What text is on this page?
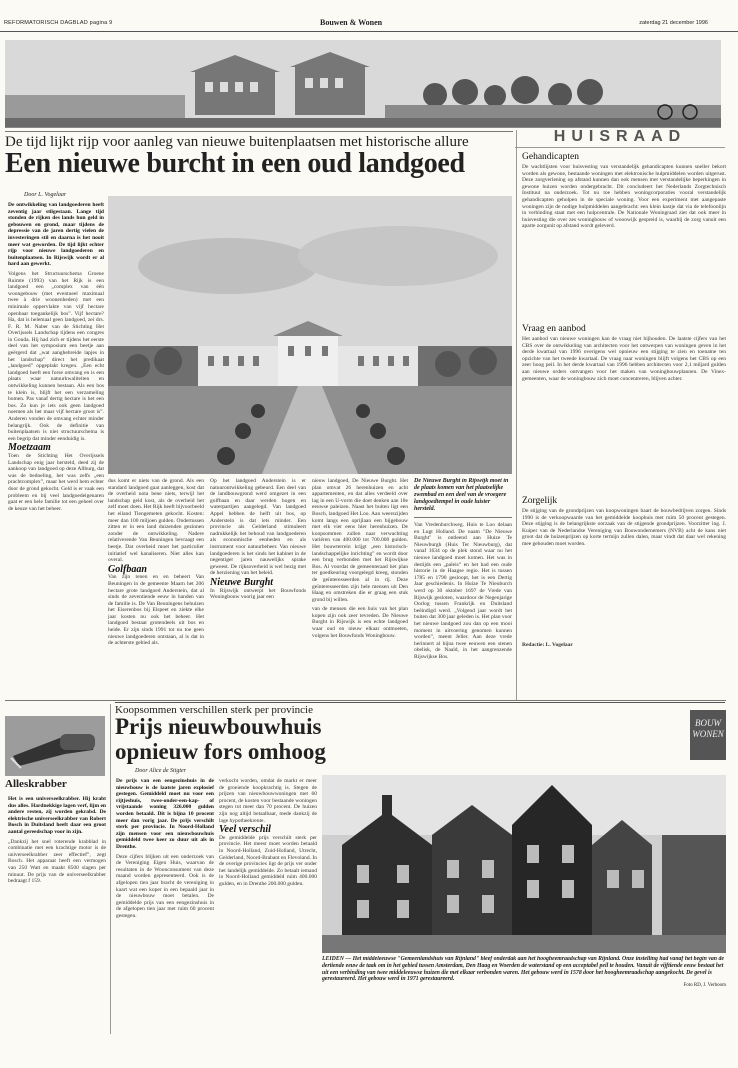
REFORMATORISCH DAGBLAD pagina 9	Bouwen & Wonen	zaterdag 21 december 1996
HUISRAAD
De tijd lijkt rijp voor aanleg van nieuwe buitenplaatsen met historische allure
Een nieuwe burcht in een oud landgoed
Door L. Vogelaar

De ontwikkeling van landgoederen heeft zeventig jaar stilgestaan. Lange tijd stonden de rijken des lands hun geld in gebouwen en grond, maar tijdens de depressie van de jaren dertig vielen de investeringen stil en daarna is het nooit meer wat geworden. De tijd lijkt echter rijp voor nieuwe landgoederen en buitenplaatsen. In Rijswijk wordt er al hard aan gewerkt.

Volgens het Structuurschema Groene Ruimte (1993) van het Rijk is een landgoed een „complex van één woongebouw (met eventueel maximaal twee à drie woonenheden) met een minimale oppervlakte van vijf hectare openbaar toegankelijk bos”. Vijf hectare? Ha, dat is helemaal geen landgoed, zei drs. F. R. M. Naber van de Stichting Het Overijssels Landschap tijdens een congres in Gouda. Hij had zich er tijdens het eerste deel van het symposium een beetje aan geërgerd dat „wat aanghebreide lapjes in het landschap” direct het predikaat „landgoed” opgeplakt kregen. „Een echt landgoed heeft een forse omvang en is een plaats waar natuurkwaliteiten en ontwikkeling kunnen bestaan. Als een bos te klein is, blijft het een verzameling bomen. Pas vanaf dertig hectare is het een bos. Zo kun je iets ook geen landgoed noemen als het maar vijf hectare groot is”. Anderen vonden de omvang echter minder belangrijk. Ook de definitie van buitenplaatsen is niet structuurschema is een begrip dat minder eenduidig is.

Moetzaam

Toen de Stichting Het Overijssels Landschap enig jaar hersteld, deed zij de aankoop van landgoed op deze Allburg, dat was de bedoeling, het was zelfs „een prachtcomplex”, maar het werd hem echter door de grond gekocht. Geld is er vaak een probleem en bij veel landgoedeigenaren gaat er een hele familie tot een geheel over de keuze van het beheer.

dus komt er niets van de grond. Als een standard landgoed gaat aanleggen, kost dat de overheid nota bene niets, terwijl het landschap geld kost, als de overheid het zelf moet doen. Het Rijk heeft bijvoorbeeld het eiland Tiengemeten gekocht. Kosten: meer dan 100 miljoen gulden. Ondertussen zitten er in een land duizenden gezinnen zonder de ontwikkeling. Nadere relativerende Van Beuningen bevraagt een beetje. Dat overheid moet het particulier initiatief wel kanaliseren. Niet alles kan overal.

Golfbaan

Van zijn tenen en en beheert Van Beuningen in de gemeente Maarn het 206 hectare grote landgoed Anderstein, dat al sinds de zeventiende eeuw in handen van de familie is. De Van Beuningens behuizen het Eiserenbos bij Elspeet en ziekte elke jaar kosten nu ook het beheer. Het landgoed bestaat grotendeels uit bos en heide. Er zijn sinds 1991 tot nu toe geen nieuwe landgoederen ontstaan, al is dat in de achterste gebied als.

Op het landgoed Anderstein is er natuurontwikkeling gebeurd. Een deel van de landbouwgrond werd omgezet in een golfbaan en daar werden hogen en waterpartijen aangelegd. Van landgoed Appel hebben de helft uit bos, op Anderstein is dat iets minder. Een provincie als Gelderland stimuleert nadrukkelijk het behoud van landgoederen als economische eenheden en als instrument voor natuurbeheer. Van nieuwe landgoederen is het sinds het kabinet in de negentiger jaren nauwelijks sprake geweest. De rijksoverheid is wel bezig met de herziening van het beleid.

Nieuwe Burght

In Rijswijk ontwerpt het Bouwfonds Woningbouw voorig jaar een

nieuw landgoed, De Nieuwe Burght. Het plan omvat 26 herenhuizen en acht appartementen, en dat alles verdeeld over lag in een U-vorm die doet denken aan 18e eeuwse paleizen. Naast het buiten ligt een Bosch, landgoed Het Loo. Aan weerszijden komt langs een oprijlaan een bijgebouw met elk vier eens hier herenhuizen. De koopsommen zullen naar verwachting variëren van 400.000 tot 700.000 gulden. Het bouwterrein krijgt „een historisch-landschappelijke inrichting” en wordt door een brug verbonden met het Rijswijkse Bos. Al voordat de gemeenteraad het plan ter goedkeuring voorgelegd kreeg, stonden de geïnteresseerden al in rij. Deze geïnteresseerden zijn hele mensen uit Den Haag en omstreken die er graag een stuk grond bij willen.

van de mensen die een huis van het plan kopen zijn ook zeer tevreden. De Nieuwe Burght in Rijswijk is een echte landgoed waar oud en nieuw elkaar ontmoeten, volgens het Bouwfonds Woningbouw.

De Nieuwe Burght in Rijswijk moet in de plaats komen van het plaatselijke zwembad en een deel van de vroegere landgoedtempel in oude luister hersteld.

Van Vredenburchweg. Huis te Loo delaan en Lugt Holland. De naam "De Nieuwe Burght" is ontleend aan Huize Te Nieuwburgh (Huis Ter Nieuwburg), dat vanaf 1634 op de plek stond waar nu het nieuwe landgoed moet komen. Het was in destijds een „paleis” en het had een oude historie in de Haagse regio. Het is tussen 1785 en 1790 gesloopt, het is een Dertig Jaar geschiedenis. In Huize Te Nieuburch werd op 30 oktober 1697 de Vrede van Rijswijk gesloten, waardoor de Negenjarige Oorlog tussen Frankrijk en Duitsland beëindigd werd. „Volgend jaar wordt het buiten dat 300 jaar geleden is. Het plan voor het nieuwe landgoed zou dan op een mooi moment in uitvoering genomen kunnen worden”, meent Jeller. Aan deze vrede herinnert al bijna twee eeuwen een stenen obelisk, de Naald, in het aangrenzende Rijswijkse Bos.

Gehandicapten

De wachtlijsten voor huisvesting van verstandelijk gehandicapten kunnen sneller bekort worden als gewone, bestaande woningen met elektronische hulpmiddelen worden uitgerust. Deze zorgverlening op afstand kunnen dan ook mensen met verstandelijke beperkingen in gewone huizen worden ondergebracht. Dit concludeert het Nederlands Zorgtechnisch Instituut na onderzoek. Tot nu toe hebben woningcorporaties vooral verstandelijk gehandicapten geholpen in de speciale woning. Voor een experiment met aangepaste woningen zijn de nodige hulpmiddelen aangebracht: een klein kastje dat via de telefoonlijn in verbinding staat met een hulpcentrale. De Nationale Woningraad ziet dat ook meer in huisvesting die over zes woningbouw of woonwijk gespreid is, waarbij de zorg vanuit een aparte zorgunit op afstand wordt geleverd.

Vraag en aanbod

Het aanbod van nieuwe woningen kan de vraag niet bijhouden. De laatste cijfers van het CBS over de ontwikkeling van architecten voor het ontwerpen van woningen geven in het derde kwartaal van 1996 overigens wel opnieuw een stijging te zien en toename ten opzichte van het tweede kwartaal. De vraag naar woningen blijft volgens het CBS op een zeer hoog peil. In het derde kwartaal van 1996 hebben architecten voor 2,1 miljard gulden aan nieuwe orders ontvangen voor het maken van woningbouwplannen. De Vinex-gemeenten, waar de woningbouw zich moet concentreren, blijven achter.

Zorgelijk

De stijging van de grondprijzen van koopwoningen baart de bouwbedrijven zorgen. Sinds 1990 is de verkoopwaarde van het gemiddelde koophuis met ruim 50 procent gestegen. Deze stijging is de belangrijkste oorzaak van de stijgende grondprijzen. Voorzitter ing. J. Kuiper van de Nederlandse Vereniging van Bouwondernemers (NVB) acht de kans niet groot dat de huizenprijzen op korte termijn zullen dalen, maar vindt dat daar wel rekening mee gehouden moet worden.

Redactie: L. Vogelaar

Alleskrabber

Het is een universeelkrabber. Hij krabt dus alles. Hardnekkige lagen verf, lijm en andere resten, zij worden gekrabd. De elektrische universeelkrabber van Robert Bosch in Duitsland heeft daar een groot aantal gereedschap voor in zijn.

„Dankzij het snel roterende krabblad in combinatie met een krachtige motor is de universeelkrabber zeer effectief”, zegt Bosch. Het apparaat heeft een vermogen van 250 Watt en maakt 8500 slagen per minuut. De prijs van de universeelkrabber bedraagt f 159.

Koopsommen verschillen sterk per provincie
Prijs nieuwbouwhuis
opnieuw fors omhoog
BOUW
WONEN
Door Alice de Stigter

De prijs van een eengezinshuis in de nieuwbouw is de laatste jaren explosief gestegen. Gemiddeld moet nu voor een rijtjeshuis, twee-onder-een-kap- of vrijstaande woning 326.000 gulden worden betaald. Dit is bijna 10 procent meer dan vorig jaar. De prijs verschilt sterk per provincie. In Noord-Holland zijn mensen voor een nieuwbouwhuis gemiddeld twee keer zo duur uit als in Drenthe.

Deze cijfers blijken uit een onderzoek van de Vereniging Eigen Huis, waarvan de resultaten in de Woonconsument van deze maand worden gepresenteerd. Ook is de afgelopen tien jaar bracht de vereniging in kaart wat een koper in een bepaald jaar in de nieuwbouw moet betalen. De gemiddelde prijs van een eengezinshuis in de afgelopen tien jaar met ruim 60 procent gestegen.

verkocht worden, omdat de markt er meer de groeiende koopkrachtig is. Stegen de prijzen van nieuwbouwwoningen met 60 procent, de kosten voor bestaande woningen stegen tot meer dan 70 procent. De huizen zijn nog altijd betaalbaar, mede dankzij de lage hypotheekrente.

Veel verschil

De gemiddelde prijs verschilt sterk per provincie. Het meest moet worden betaald in Noord-Holland, Zuid-Holland, Utrecht, Gelderland, Noord-Brabant en Flevoland. In de overige provincies ligt de prijs ver onder het landelijk gemiddelde. Zo betaalt iemand in Noord-Holland gemiddeld ruim 400.000 gulden, en in Drenthe 200.000 gulden.

LEIDEN — Het middeleeuwse "Gemeenlandshuis van Rijnland" bleef onderdak aan het hoogheemraadschap van Rijnland. Onze instelling had vanaf het begin van de dertiende eeuw de taak om in het gebied tussen Amsterdam, Den Haag en Woerden de waterstand op een acceptabel peil te houden. Vanuit de vijftiende eeuw bestaat het uit een verbinding van twee middeleeuwse huizen die met elkaar verbonden waren. Het gebouw werd in 1578 door het hoogheemraadschap aangekocht. De gevel is gerestaureerd. Het gebouw werd in 1971 gerestaureerd.

Foto RD, J. Verboom
